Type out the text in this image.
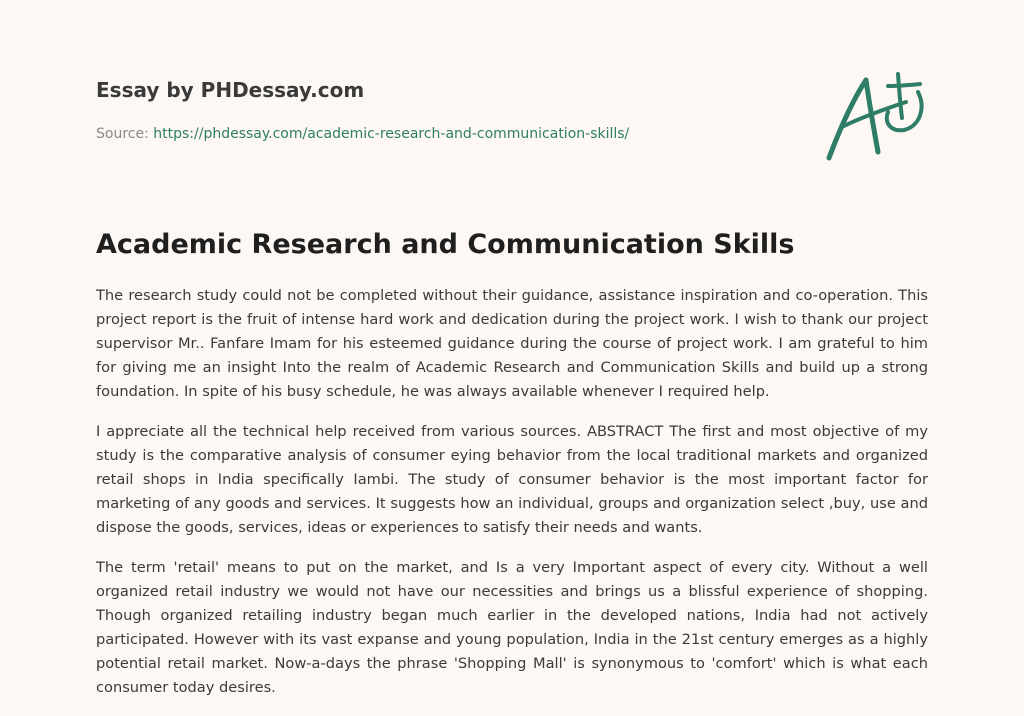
Essay by PHDessay.com
Source: https://phdessay.com/academic-research-and-communication-skills/
Academic Research and Communication Skills

The research study could not be completed without their guidance, assistance inspiration and co-operation. This project report is the fruit of intense hard work and dedication during the project work. I wish to thank our project supervisor Mr.. Fanfare Imam for his esteemed guidance during the course of project work. I am grateful to him for giving me an insight Into the realm of Academic Research and Communication Skills and build up a strong foundation. In spite of his busy schedule, he was always available whenever I required help.

I appreciate all the technical help received from various sources. ABSTRACT The first and most objective of my study is the comparative analysis of consumer eying behavior from the local traditional markets and organized retail shops in India specifically Iambi. The study of consumer behavior is the most important factor for marketing of any goods and services. It suggests how an individual, groups and organization select ,buy, use and dispose the goods, services, ideas or experiences to satisfy their needs and wants.

The term 'retail' means to put on the market, and Is a very Important aspect of every city. Without a well organized retail industry we would not have our necessities and brings us a blissful experience of shopping. Though organized retailing industry began much earlier in the developed nations, India had not actively participated. However with its vast expanse and young population, India in the 21st century emerges as a highly potential retail market. Now-a-days the phrase 'Shopping Mall' is synonymous to 'comfort' which is what each consumer today desires.
